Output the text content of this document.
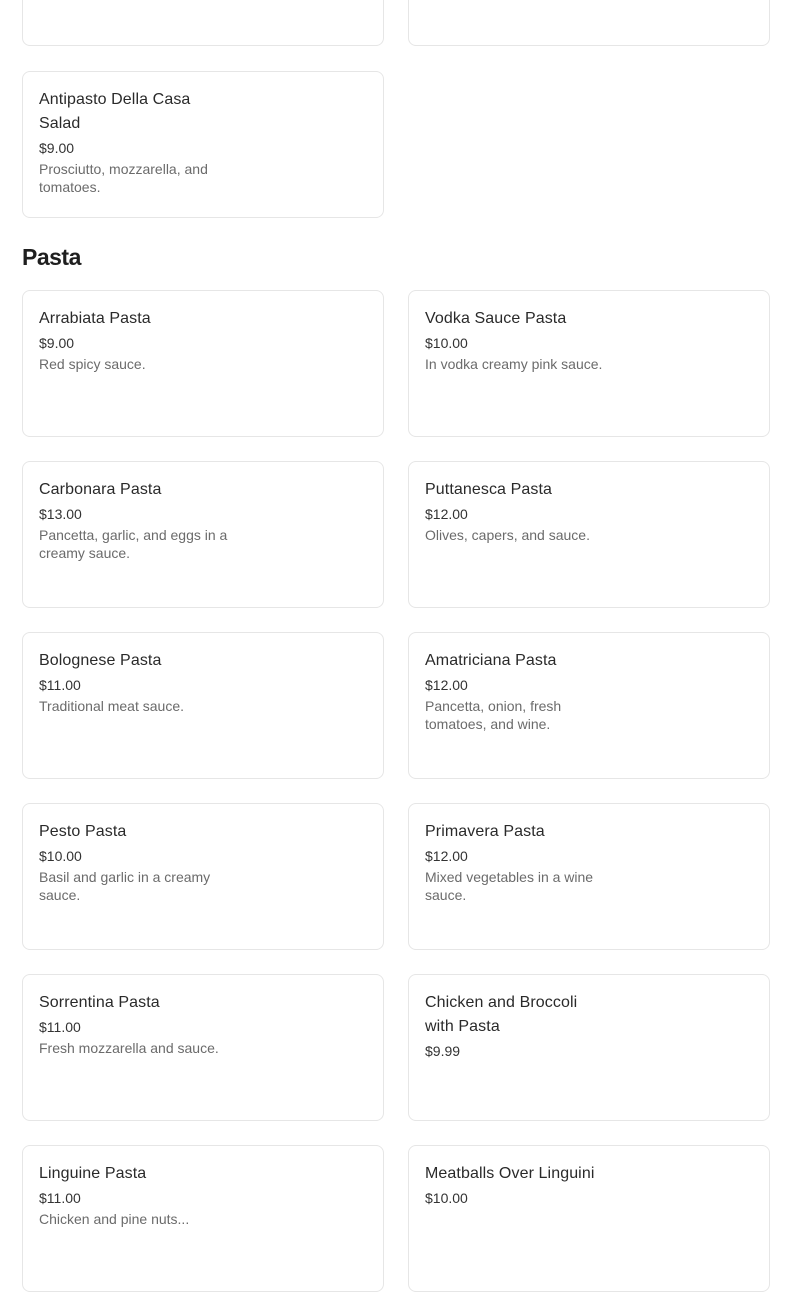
Antipasto Della Casa Salad
$9.00
Prosciutto, mozzarella, and tomatoes.
Pasta
Arrabiata Pasta
$9.00
Red spicy sauce.
Vodka Sauce Pasta
$10.00
In vodka creamy pink sauce.
Carbonara Pasta
$13.00
Pancetta, garlic, and eggs in a creamy sauce.
Puttanesca Pasta
$12.00
Olives, capers, and sauce.
Bolognese Pasta
$11.00
Traditional meat sauce.
Amatriciana Pasta
$12.00
Pancetta, onion, fresh tomatoes, and wine.
Pesto Pasta
$10.00
Basil and garlic in a creamy sauce.
Primavera Pasta
$12.00
Mixed vegetables in a wine sauce.
Sorrentina Pasta
$11.00
Fresh mozzarella and sauce.
Chicken and Broccoli with Pasta
$9.99
Linguine Pasta
$11.00
Chicken and pine nuts...
Meatballs Over Linguini
$10.00
